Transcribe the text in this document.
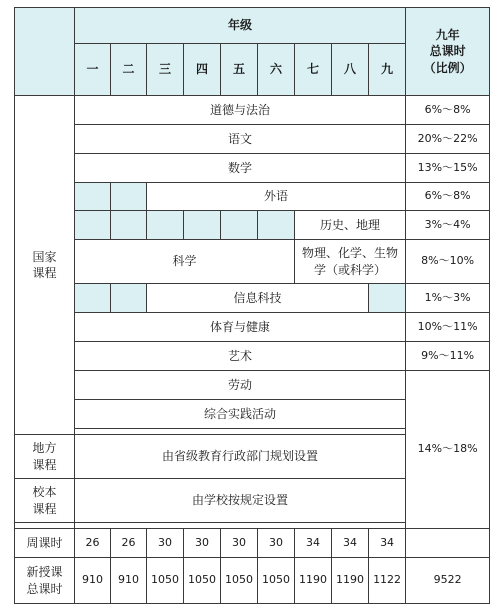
	年级									九年
总课时
（比例）

	一	二	三	四	五	六	七	八	九	

国家
课程	道德与法治									6%～8%
	语文									20%～22%
	数学									13%～15%
			外语							6%～8%
							历史、地理			3%～4%
	科学						物理、化学、生物
学（或科学）			8%～10%
			信息科技							1%～3%
	体育与健康									10%～11%
	艺术									9%～11%
	劳动									14%～18%
	综合实践活动									

地方
课程	由省级教育行政部门规划设置									

校本
课程	由学校按规定设置									

周课时	26	26	30	30	30	30	34	34	34	

新授课
总课时	910	910	1050	1050	1050	1050	1190	1190	1122	9522
